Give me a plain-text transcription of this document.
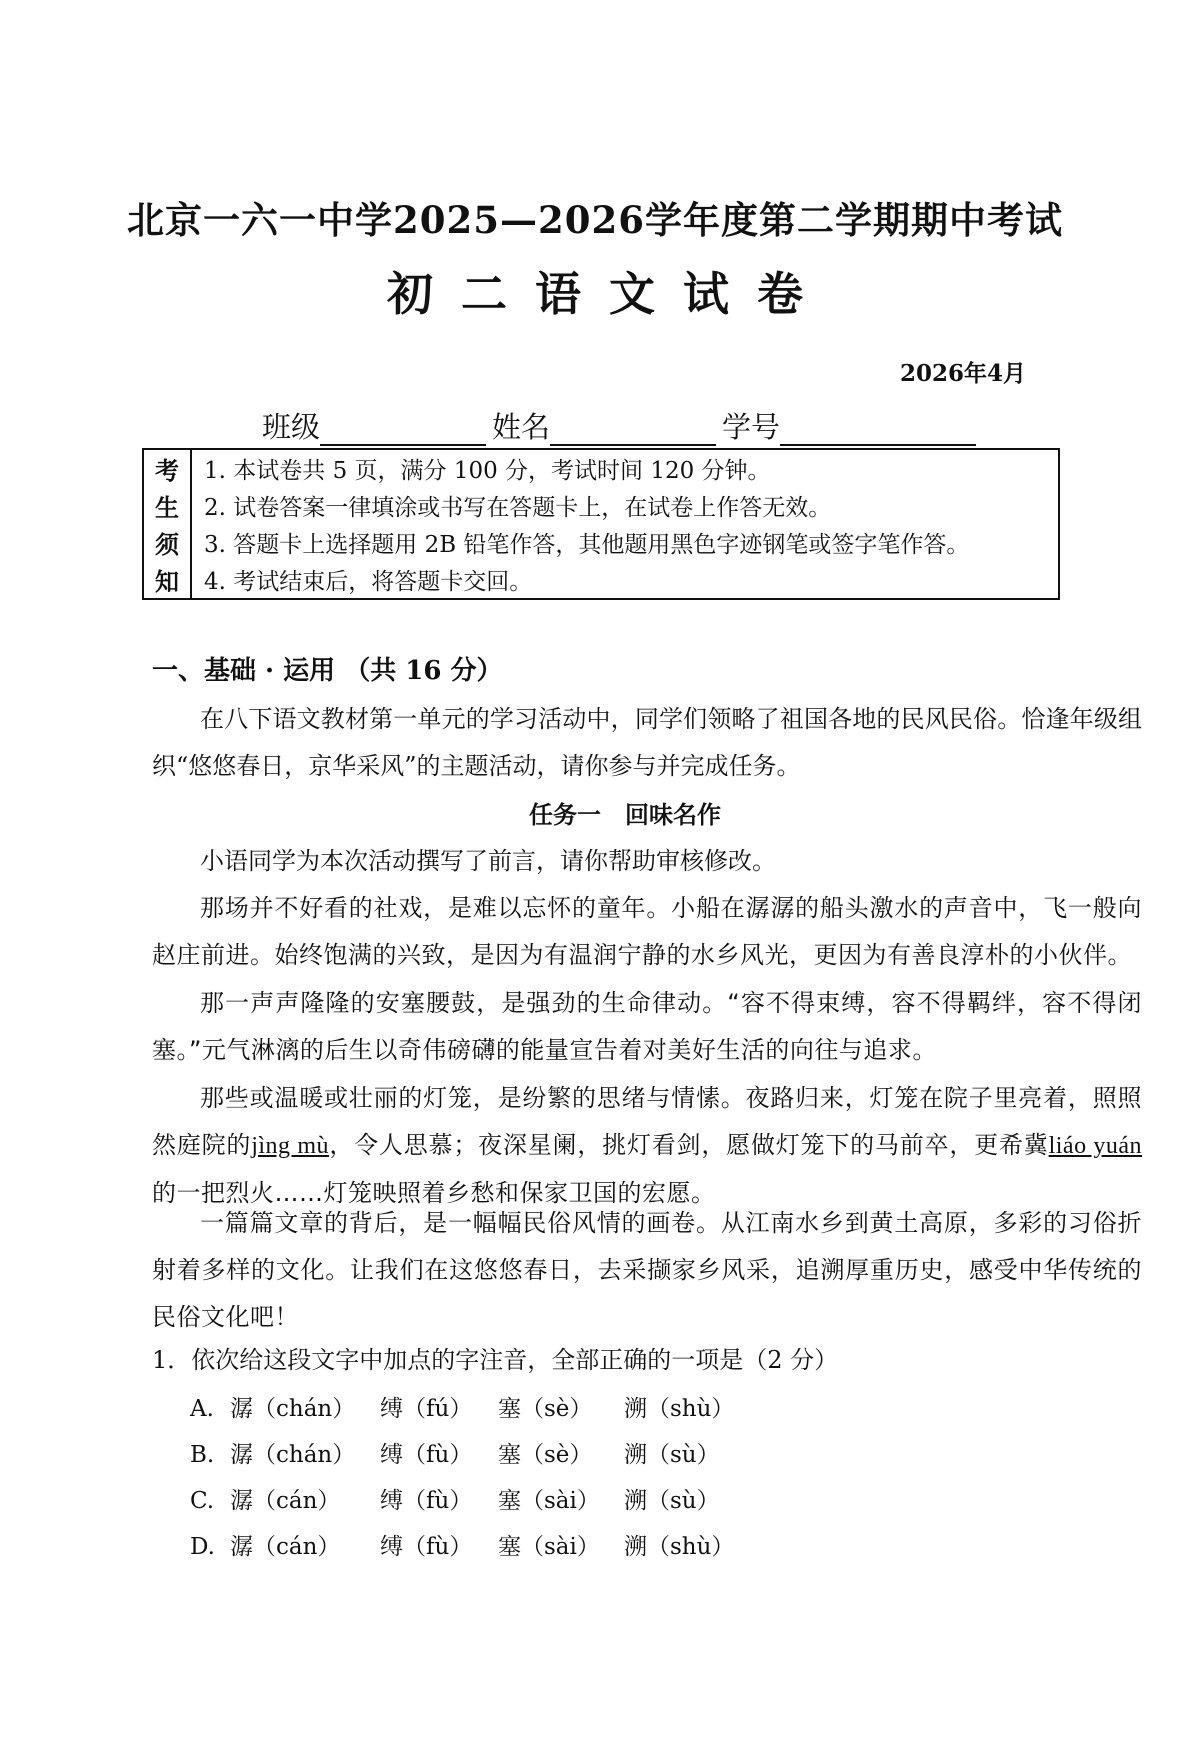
北京一六一中学2025—2026学年度第二学期期中考试
初二语文试卷
2026年4月
班级	姓名	学号
考
生
须
知
1. 本试卷共 5 页，满分 100 分，考试时间 120 分钟。
2. 试卷答案一律填涂或书写在答题卡上，在试卷上作答无效。
3. 答题卡上选择题用 2B 铅笔作答，其他题用黑色字迹钢笔或签字笔作答。
4. 考试结束后，将答题卡交回。
一、基础 · 运用 （共 16 分）
在八下语文教材第一单元的学习活动中，同学们领略了祖国各地的民风民俗。恰逢年级组织“悠悠春日，京华采风”的主题活动，请你参与并完成任务。
任务一　回味名作
小语同学为本次活动撰写了前言，请你帮助审核修改。
那场并不好看的社戏，是难以忘怀的童年。小船在潺潺的船头激水的声音中，飞一般向赵庄前进。始终饱满的兴致，是因为有温润宁静的水乡风光，更因为有善良淳朴的小伙伴。
那一声声隆隆的安塞腰鼓，是强劲的生命律动。“容不得束缚，容不得羁绊，容不得闭塞。”元气淋漓的后生以奇伟磅礴的能量宣告着对美好生活的向往与追求。
那些或温暖或壮丽的灯笼，是纷繁的思绪与情愫。夜路归来，灯笼在院子里亮着，照照然庭院的jìng mù，令人思慕；夜深星阑，挑灯看剑，愿做灯笼下的马前卒，更希冀liáo yuán的一把烈火……灯笼映照着乡愁和保家卫国的宏愿。
一篇篇文章的背后，是一幅幅民俗风情的画卷。从江南水乡到黄土高原，多彩的习俗折射着多样的文化。让我们在这悠悠春日，去采撷家乡风采，追溯厚重历史，感受中华传统的民俗文化吧！
1．依次给这段文字中加点的字注音，全部正确的一项是（2 分）
A. 潺（chán） 缚（fú） 塞（sè） 溯（shù）
B. 潺（chán） 缚（fù） 塞（sè） 溯（sù）
C. 潺（cán） 缚（fù） 塞（sài） 溯（sù）
D. 潺（cán） 缚（fù） 塞（sài） 溯（shù）
